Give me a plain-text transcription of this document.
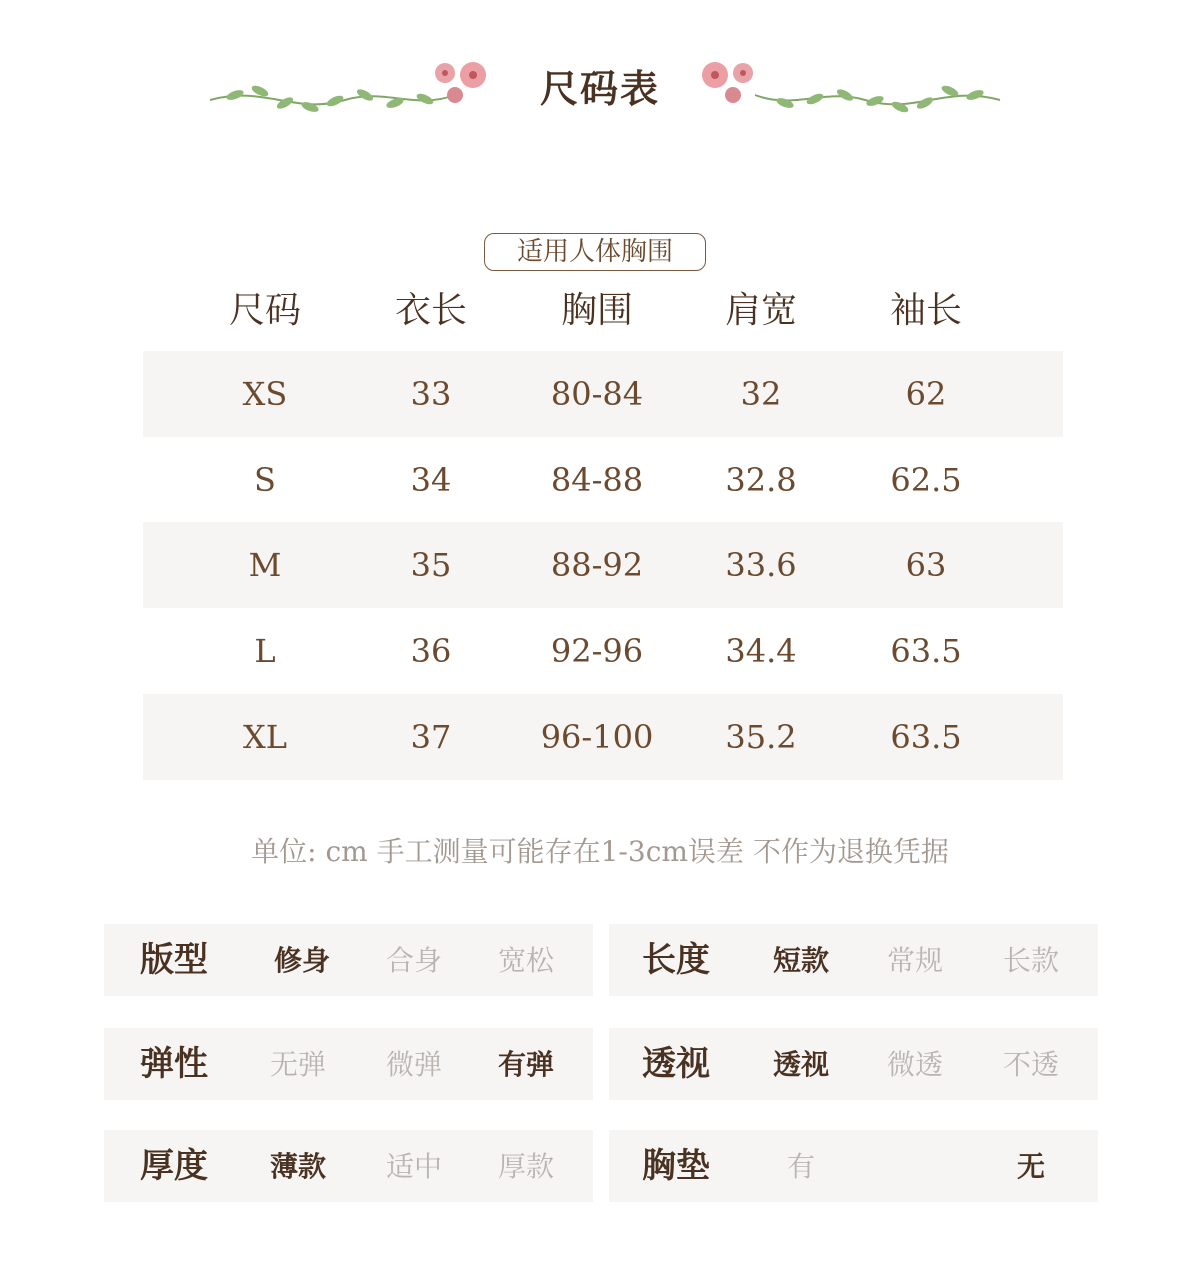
尺码表
适用人体胸围
尺码	衣长	胸围	肩宽	袖长
XS	33	80-84	32	62
S	34	84-88	32.8	62.5
M	35	88-92	33.6	63
L	36	92-96	34.4	63.5
XL	37	96-100	35.2	63.5
单位: cm 手工测量可能存在1-3cm误差 不作为退换凭据
版型	修身	合身	宽松	长度	短款	常规	长款
弹性	无弹	微弹	有弹	透视	透视	微透	不透
厚度	薄款	适中	厚款	胸垫	有	无
